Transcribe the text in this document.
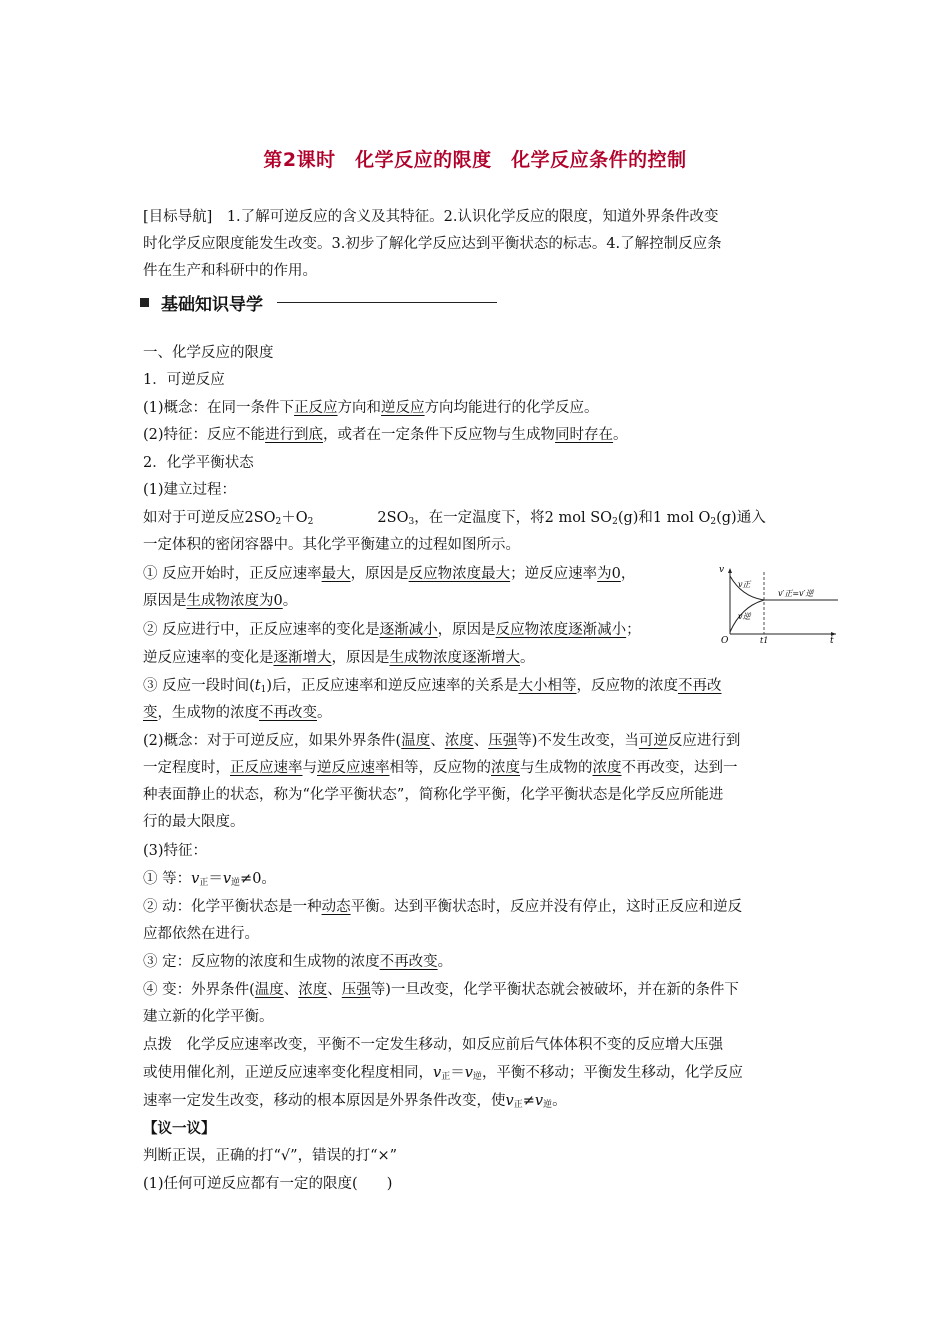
第2课时　化学反应的限度　化学反应条件的控制
[目标导航]　1.了解可逆反应的含义及其特征。2.认识化学反应的限度，知道外界条件改变
时化学反应限度能发生改变。3.初步了解化学反应达到平衡状态的标志。4.了解控制反应条
件在生产和科研中的作用。
基础知识导学
一、化学反应的限度
1．可逆反应
(1)概念：在同一条件下正反应方向和逆反应方向均能进行的化学反应。
(2)特征：反应不能进行到底，或者在一定条件下反应物与生成物同时存在。
2．化学平衡状态
(1)建立过程：
如对于可逆反应$2SO_2+O_2$	$2SO_3$，在一定温度下，将2 mol $SO_2(g)$和1 mol $O_2(g)$通入
一定体积的密闭容器中。其化学平衡建立的过程如图所示。
① 反应开始时，正反应速率最大，原因是反应物浓度最大；逆反应速率为0，
原因是生成物浓度为0。
② 反应进行中，正反应速率的变化是逐渐减小，原因是反应物浓度逐渐减小；
逆反应速率的变化是逐渐增大，原因是生成物浓度逐渐增大。
③ 反应一段时间$(t_1)$后，正反应速率和逆反应速率的关系是大小相等，反应物的浓度不再改
变，生成物的浓度不再改变。
(2)概念：对于可逆反应，如果外界条件(温度、浓度、压强等)不发生改变，当可逆反应进行到
一定程度时，正反应速率与逆反应速率相等，反应物的浓度与生成物的浓度不再改变，达到一
种表面静止的状态，称为“化学平衡状态”，简称化学平衡，化学平衡状态是化学反应所能进
行的最大限度。
(3)特征：
① 等：$v_正=v_逆\ne 0$。
② 动：化学平衡状态是一种动态平衡。达到平衡状态时，反应并没有停止，这时正反应和逆反
应都依然在进行。
③ 定：反应物的浓度和生成物的浓度不再改变。
④ 变：外界条件(温度、浓度、压强等)一旦改变，化学平衡状态就会被破坏，并在新的条件下
建立新的化学平衡。
点拨　化学反应速率改变，平衡不一定发生移动，如反应前后气体体积不变的反应增大压强
或使用催化剂，正逆反应速率变化程度相同，$v_正=v_逆$，平衡不移动；平衡发生移动，化学反应
速率一定发生改变，移动的根本原因是外界条件改变，使$v_正\ne v_逆$。
【议一议】
判断正误，正确的打“√”，错误的打“×”
(1)任何可逆反应都有一定的限度(　　)
v
v正
v逆
v′正=v′逆
O	t1	t
